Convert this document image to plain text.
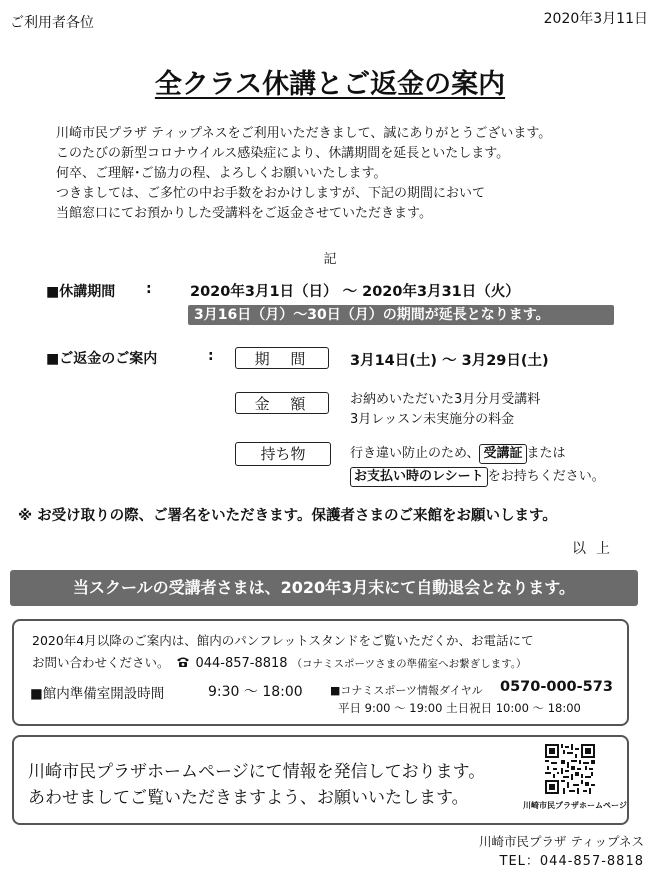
ご利用者各位	2020年3月11日
全クラス休講とご返金の案内
川崎市民プラザ ティップネスをご利用いただきまして、誠にありがとうございます。
このたびの新型コロナウイルス感染症により、休講期間を延長といたします。
何卒、ご理解･ご協力の程、よろしくお願いいたします。
つきましては、ご多忙の中お手数をおかけしますが、下記の期間において
当館窓口にてお預かりした受講料をご返金させていただきます。
記
■休講期間 :	2020年3月1日（日） ～ 2020年3月31日（火）
3月16日（月）～30日（月）の期間が延長となります。
■ご返金のご案内	:	期 間	3月14日(土) ～ 3月29日(土)
金 額	お納めいただいた3月分月受講料
3月レッスン未実施分の料金
持ち物	行き違い防止のため、 受講証 または
お支払い時のレシート をお持ちください。
※ お受け取りの際、ご署名をいただきます。保護者さまのご来館をお願いします。
以上
当スクールの受講者さまは、2020年3月末にて自動退会となります。
2020年4月以降のご案内は、館内のパンフレットスタンドをご覧いただくか、お電話にて
お問い合わせください。 044-857-8818 （コナミスポーツさまの準備室へお繋ぎします。）
■館内準備室開設時間	9:30 ～ 18:00 ■コナミスポーツ情報ダイヤル 0570-000-573
平日 9:00 ～ 19:00 土日祝日 10:00 ～ 18:00
川崎市民プラザホームページにて情報を発信しております。
あわせましてご覧いただきますよう、お願いいたします。	川崎市民プラザホームページ
川崎市民プラザ ティップネス
TEL：044-857-8818
